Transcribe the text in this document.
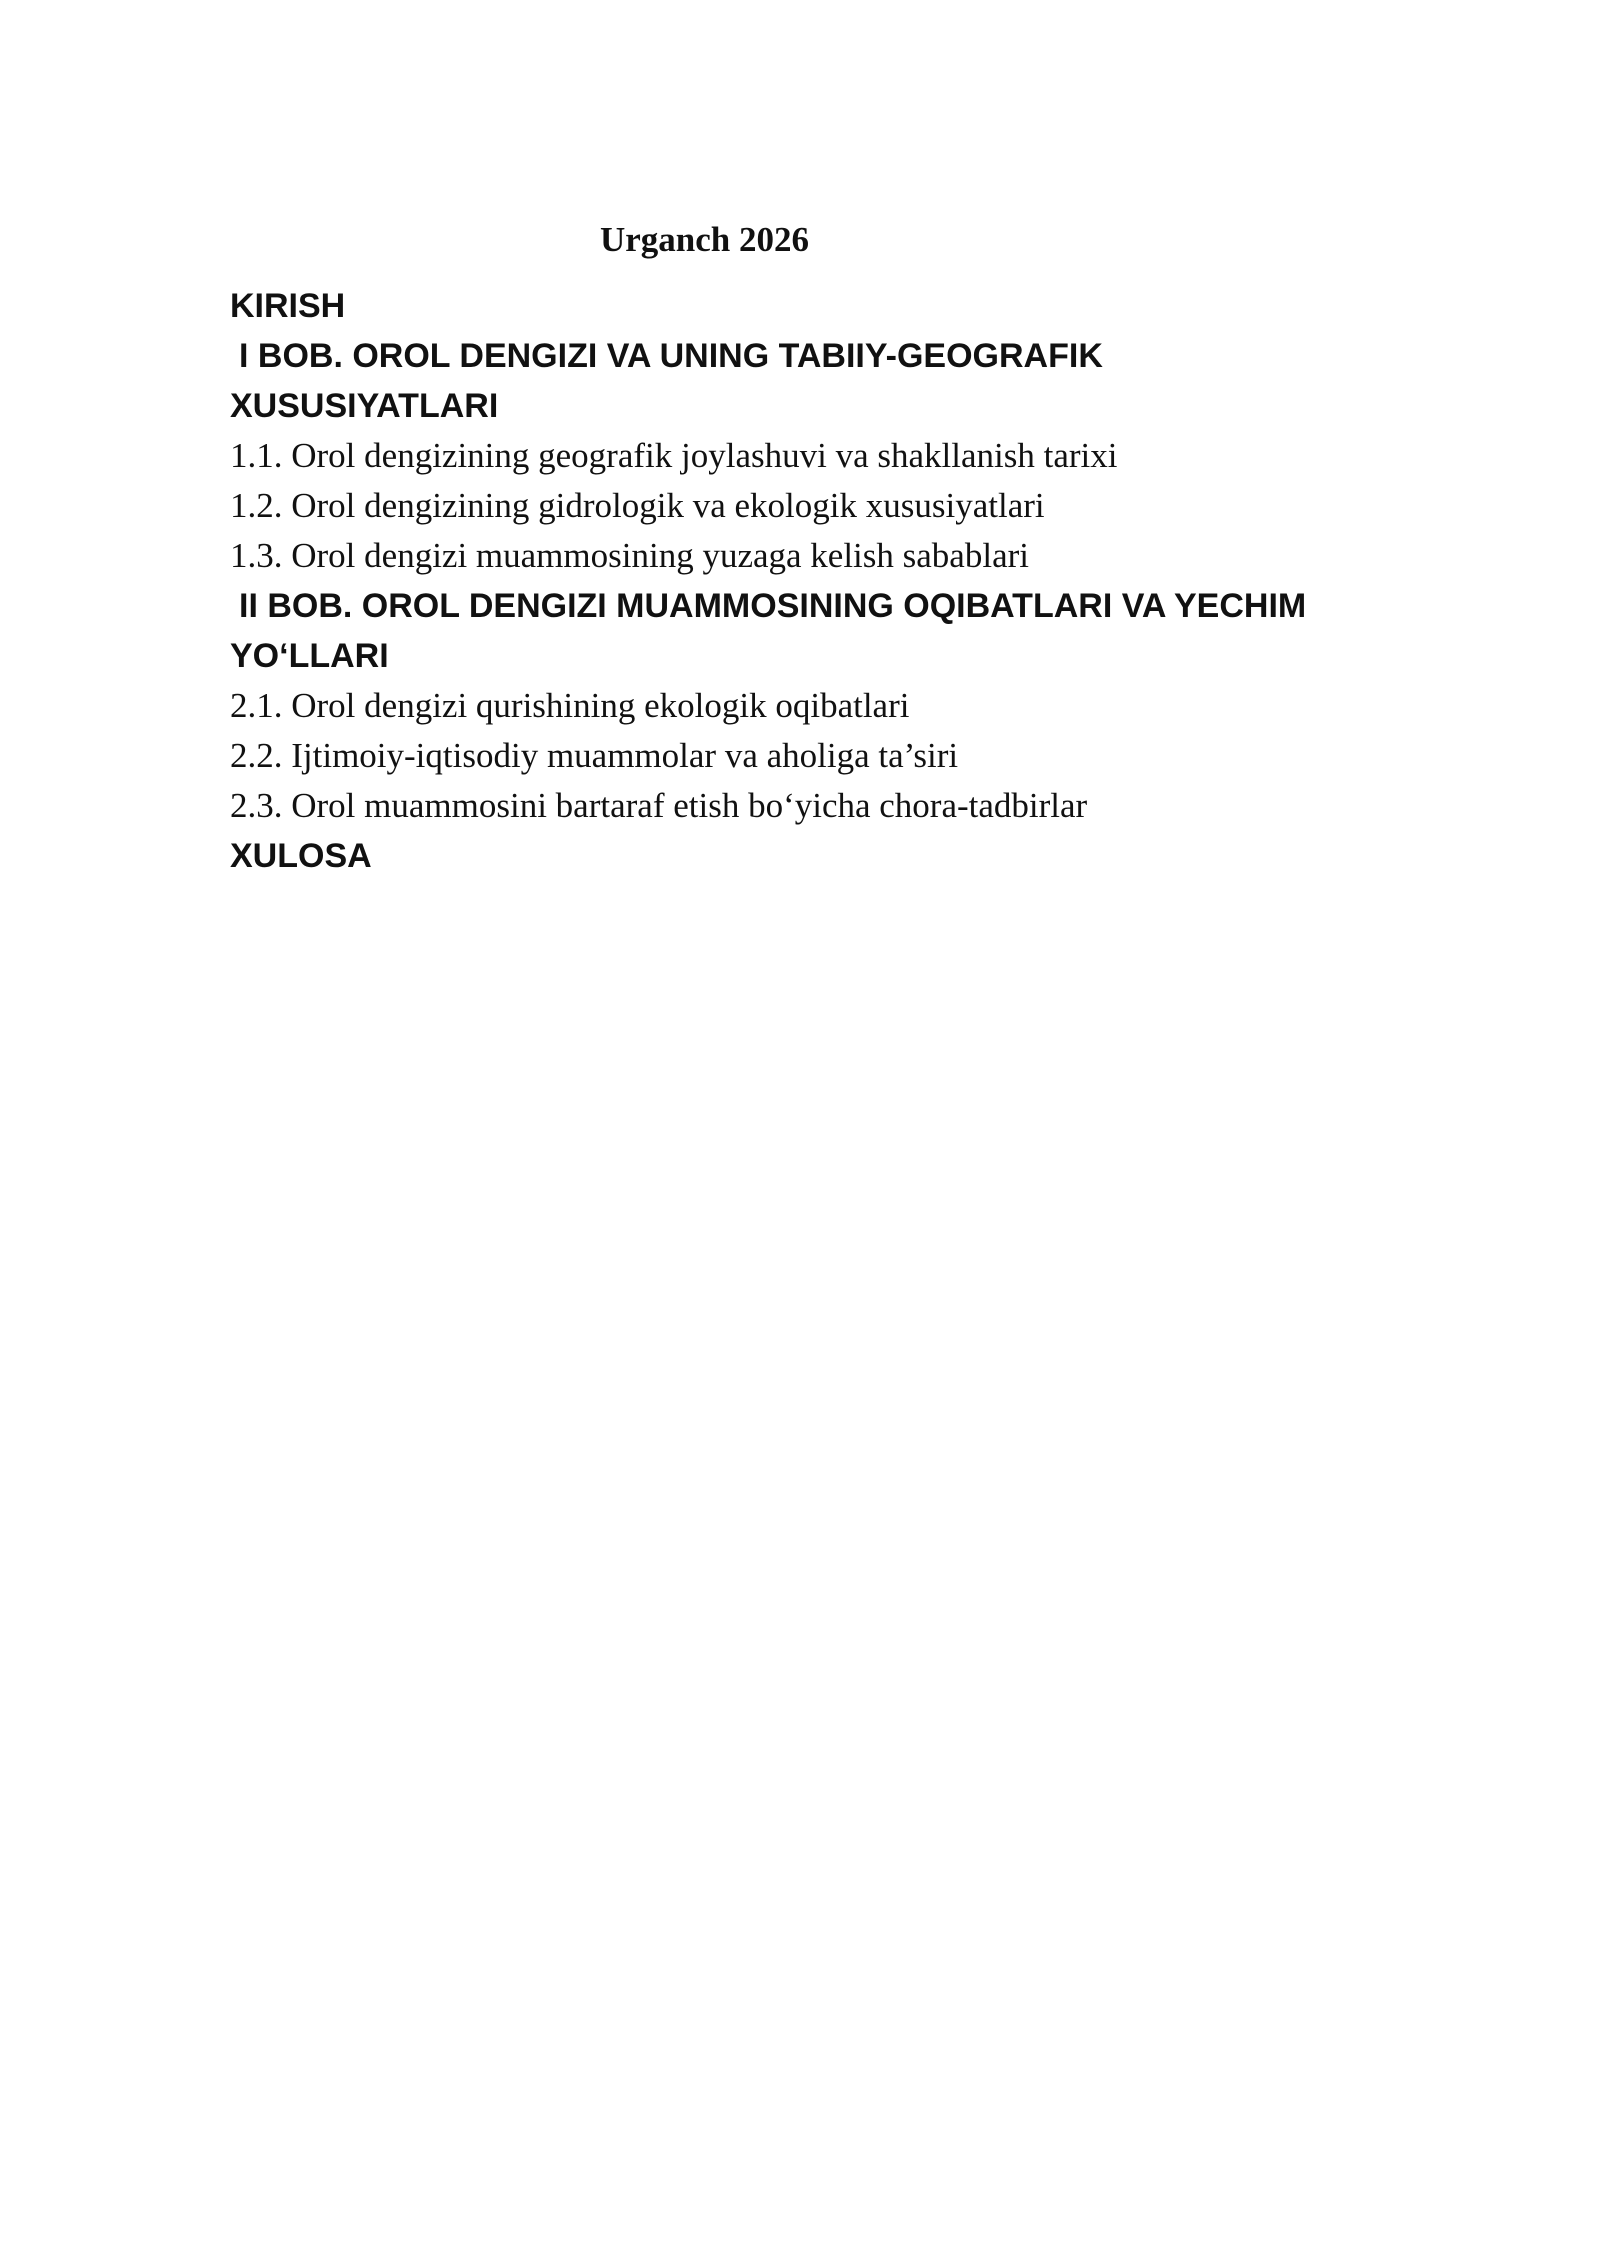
Urganch 2026
KIRISH
I BOB. OROL DENGIZI VA UNING TABIIY-GEOGRAFIK
XUSUSIYATLARI
1.1. Orol dengizining geografik joylashuvi va shakllanish tarixi
1.2. Orol dengizining gidrologik va ekologik xususiyatlari
1.3. Orol dengizi muammosining yuzaga kelish sabablari
II BOB. OROL DENGIZI MUAMMOSINING OQIBATLARI VA YECHIM
YO‘LLARI
2.1. Orol dengizi qurishining ekologik oqibatlari
2.2. Ijtimoiy-iqtisodiy muammolar va aholiga ta’siri
2.3. Orol muammosini bartaraf etish bo‘yicha chora-tadbirlar
XULOSA
